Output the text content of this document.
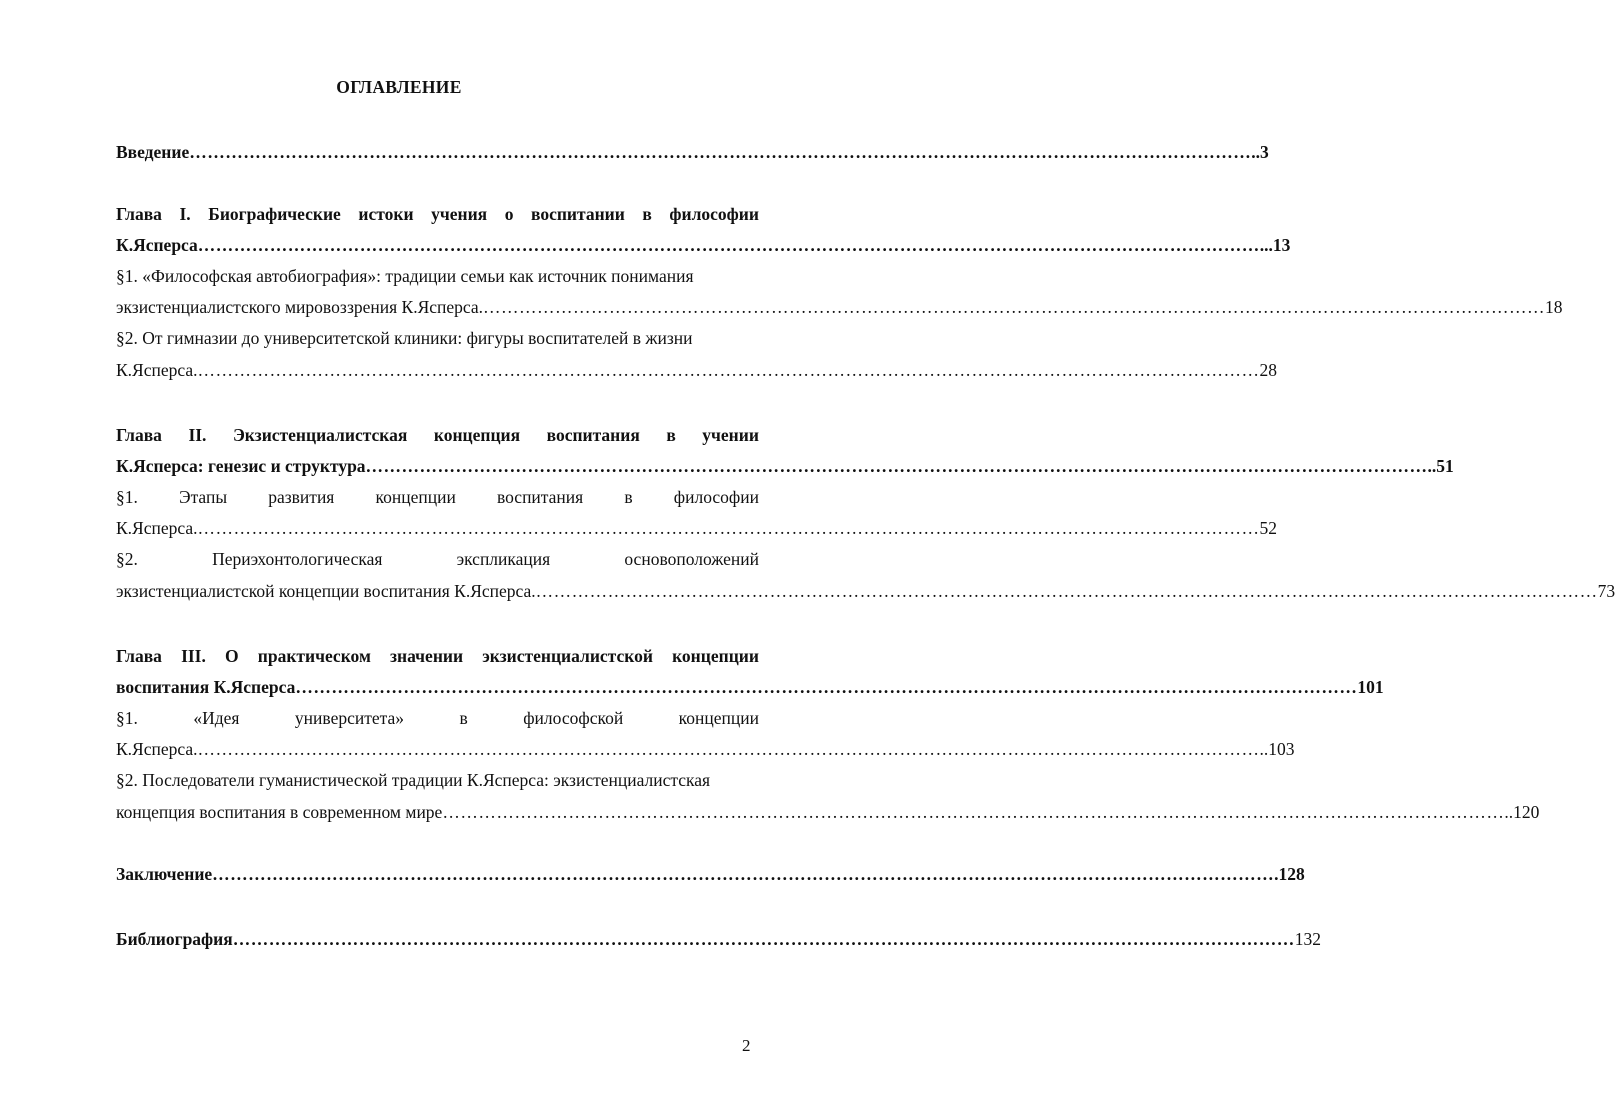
ОГЛАВЛЕНИЕ
Введение …………………………………………………………………………………………………………………………………………………………… ..3
Глава I. Биографические истоки учения о воспитании в философии
К.Ясперса …………………………………………………………………………………………………………………………………………………………… ...13
§1. «Философская автобиография»: традиции семьи как источник понимания
экзистенциалистского мировоззрения К.Ясперса. …………………………………………………………………………………………………………………………………………………………… 18
§2. От гимназии до университетской клиники: фигуры воспитателей в жизни
К.Ясперса. …………………………………………………………………………………………………………………………………………………………… 28
Глава II. Экзистенциалистская концепция воспитания в учении
К.Ясперса: генезис и структура …………………………………………………………………………………………………………………………………………………………… ..51
§1. Этапы развития концепции воспитания в философии
К.Ясперса. …………………………………………………………………………………………………………………………………………………………… 52
§2.	Периэхонтологическая	экспликация	основоположений
экзистенциалистской концепции воспитания К.Ясперса. …………………………………………………………………………………………………………………………………………………………… 73
Глава III. О практическом значении экзистенциалистской концепции
воспитания К.Ясперса …………………………………………………………………………………………………………………………………………………………… 101
§1.	«Идея	университета»	в	философской	концепции
К.Ясперса. …………………………………………………………………………………………………………………………………………………………… ..103
§2. Последователи гуманистической традиции К.Ясперса: экзистенциалистская
концепция воспитания в современном мире …………………………………………………………………………………………………………………………………………………………… ..120
Заключение …………………………………………………………………………………………………………………………………………………………… .128
Библиография …………………………………………………………………………………………………………………………………………………………… 132
2
